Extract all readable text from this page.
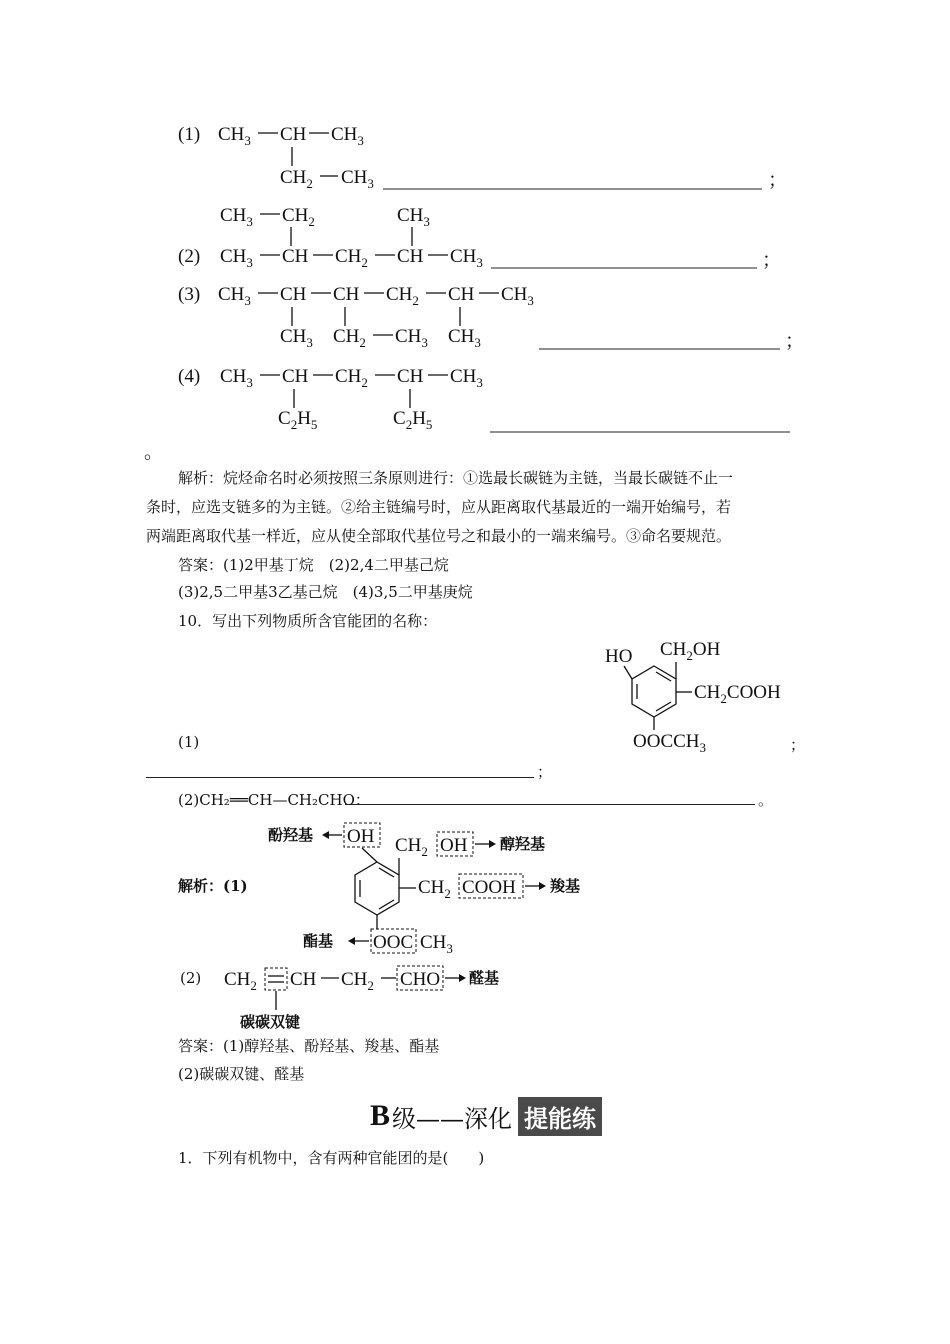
(1) $CH_3$ CH $CH_3$
$CH_2$ $CH_3$	；
$CH_3$ $CH_2$	$CH_3$
(2) $CH_3$ CH $CH_2$ CH $CH_3$	；
(3) $CH_3$ CH CH $CH_2$ CH $CH_3$
$CH_3$ $CH_2$ $CH_3$ $CH_3$	；
(4) $CH_3$ CH $CH_2$ CH $CH_3$
$C_2H_5$	$C_2H_5$
。
HO $CH_2OH$
$CH_2COOH$
$OOCCH_3$
OH $CH_2$ OH
$CH_2$ COOH
OOC $CH_3$
$CH_2$ CH $CH_2$ CHO
解析：烷烃命名时必须按照三条原则进行：①选最长碳链为主链，当最长碳链不止一
条时，应选支链多的为主链。②给主链编号时，应从距离取代基最近的一端开始编号，若
两端距离取代基一样近，应从使全部取代基位号之和最小的一端来编号。③命名要规范。
答案：(1)2甲基丁烷　(2)2,4二甲基己烷
(3)2,5二甲基3乙基己烷　(4)3,5二甲基庚烷
10．写出下列物质所含官能团的名称：
(1)	；
；
(2)CH₂══CH—CH₂CHO：	。
酚羟基	醇羟基
解析：(1)	羧基
酯基
(2)	醛基
碳碳双键
答案：(1)醇羟基、酚羟基、羧基、酯基
(2)碳碳双键、醛基
B 级——深化 提能练
1．下列有机物中，含有两种官能团的是(　　)
